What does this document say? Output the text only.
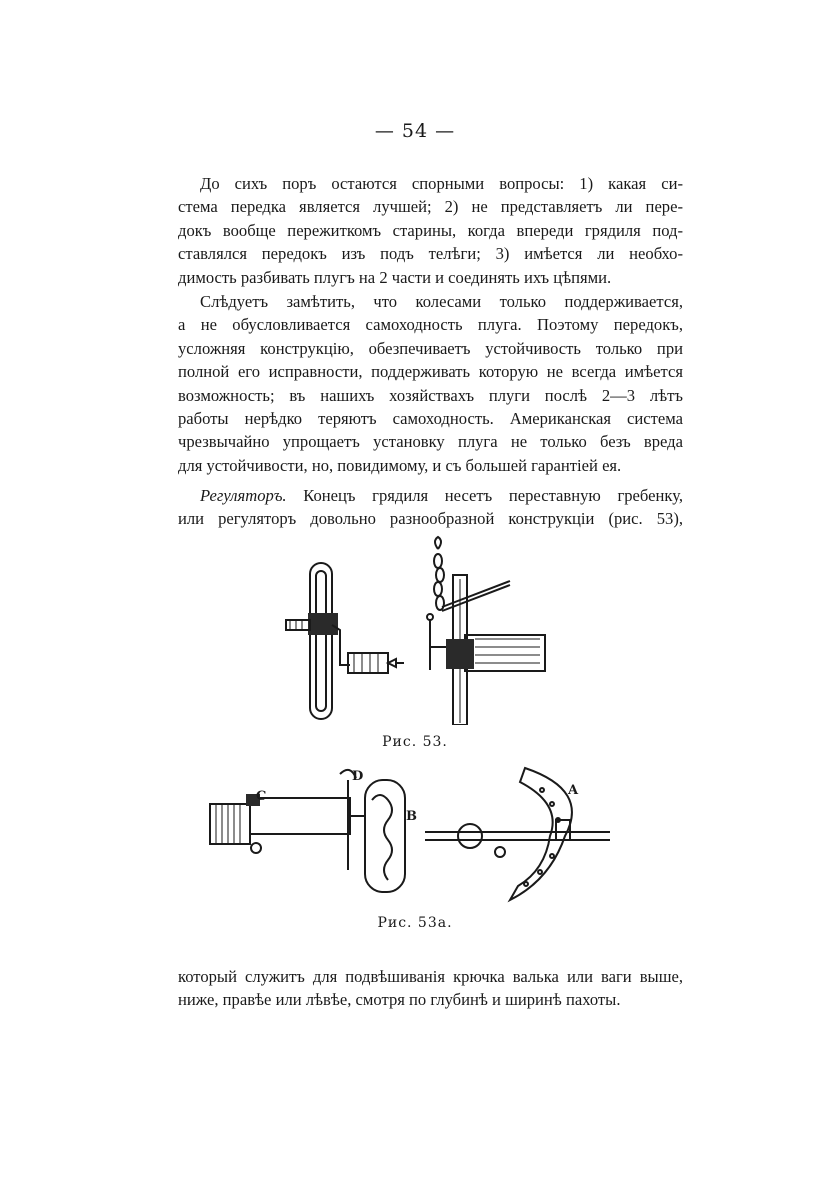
— 54 —
До сихъ поръ остаются спорными вопросы: 1) какая си-
стема передка является лучшей; 2) не представляетъ ли пере-
докъ вообще пережиткомъ старины, когда впереди грядиля под-
ставлялся передокъ изъ подъ телѣги; 3) имѣется ли необхо-
димость разбивать плугъ на 2 части и соединять ихъ цѣпями.
Слѣдуетъ замѣтить, что колесами только поддерживается,
а не обусловливается самоходность плуга. Поэтому передокъ,
усложняя конструкцію, обезпечиваетъ устойчивость только при
полной его исправности, поддерживать которую не всегда имѣется
возможность; въ нашихъ хозяйствахъ плуги послѣ 2—3 лѣтъ
работы нерѣдко теряютъ самоходность. Американская система
чрезвычайно упрощаетъ установку плуга не только безъ вреда
для устойчивости, но, повидимому, и съ большей гарантіей ея.
Регуляторъ. Конецъ грядиля несетъ переставную гребенку,
или регуляторъ довольно разнообразной конструкціи (рис. 53),
Рис. 53.
C
D
B
A
Рис. 53а.
который служитъ для подвѣшиванія крючка валька или ваги выше,
ниже, правѣе или лѣвѣе, смотря по глубинѣ и ширинѣ пахоты.
